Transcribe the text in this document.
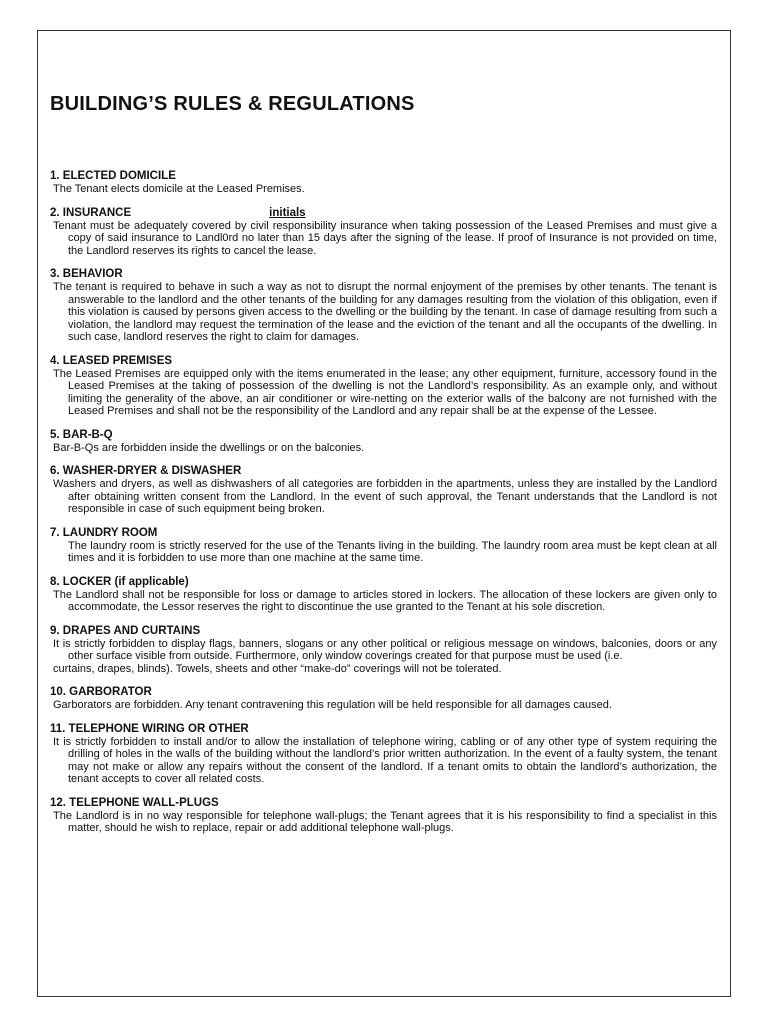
BUILDING’S RULES & REGULATIONS
1. ELECTED DOMICILE
The Tenant elects domicile at the Leased Premises.
2. INSURANCE	initials
Tenant must be adequately covered by civil responsibility insurance when taking possession of the Leased Premises and must give a copy of said insurance to Landl0rd no later than 15 days after the signing of the lease. If proof of Insurance is not provided on time, the Landlord reserves its rights to cancel the lease.
3. BEHAVIOR
The tenant is required to behave in such a way as not to disrupt the normal enjoyment of the premises by other tenants. The tenant is answerable to the landlord and the other tenants of the building for any damages resulting from the violation of this obligation, even if this violation is caused by persons given access to the dwelling or the building by the tenant. In case of damage resulting from such a violation, the landlord may request the termination of the lease and the eviction of the tenant and all the occupants of the dwelling. In such case, landlord reserves the right to claim for damages.
4. LEASED PREMISES
The Leased Premises are equipped only with the items enumerated in the lease; any other equipment, furniture, accessory found in the Leased Premises at the taking of possession of the dwelling is not the Landlord’s responsibility. As an example only, and without limiting the generality of the above, an air conditioner or wire-netting on the exterior walls of the balcony are not furnished with the Leased Premises and shall not be the responsibility of the Landlord and any repair shall be at the expense of the Lessee.
5. BAR-B-Q
Bar-B-Qs are forbidden inside the dwellings or on the balconies.
6. WASHER-DRYER & DISWASHER
Washers and dryers, as well as dishwashers of all categories are forbidden in the apartments, unless they are installed by the Landlord after obtaining written consent from the Landlord. In the event of such approval, the Tenant understands that the Landlord is not responsible in case of such equipment being broken.
7. LAUNDRY ROOM
The laundry room is strictly reserved for the use of the Tenants living in the building. The laundry room area must be kept clean at all times and it is forbidden to use more than one machine at the same time.
8. LOCKER (if applicable)
The Landlord shall not be responsible for loss or damage to articles stored in lockers. The allocation of these lockers are given only to accommodate, the Lessor reserves the right to discontinue the use granted to the Tenant at his sole discretion.
9. DRAPES AND CURTAINS
It is strictly forbidden to display flags, banners, slogans or any other political or religious message on windows, balconies, doors or any other surface visible from outside. Furthermore, only window coverings created for that purpose must be used (i.e.
curtains, drapes, blinds). Towels, sheets and other “make-do” coverings will not be tolerated.
10. GARBORATOR
Garborators are forbidden. Any tenant contravening this regulation will be held responsible for all damages caused.
11. TELEPHONE WIRING OR OTHER
It is strictly forbidden to install and/or to allow the installation of telephone wiring, cabling or of any other type of system requiring the drilling of holes in the walls of the building without the landlord’s prior written authorization. In the event of a faulty system, the tenant may not make or allow any repairs without the consent of the landlord. If a tenant omits to obtain the landlord’s authorization, the tenant accepts to cover all related costs.
12. TELEPHONE WALL-PLUGS
The Landlord is in no way responsible for telephone wall-plugs; the Tenant agrees that it is his responsibility to find a specialist in this matter, should he wish to replace, repair or add additional telephone wall-plugs.
